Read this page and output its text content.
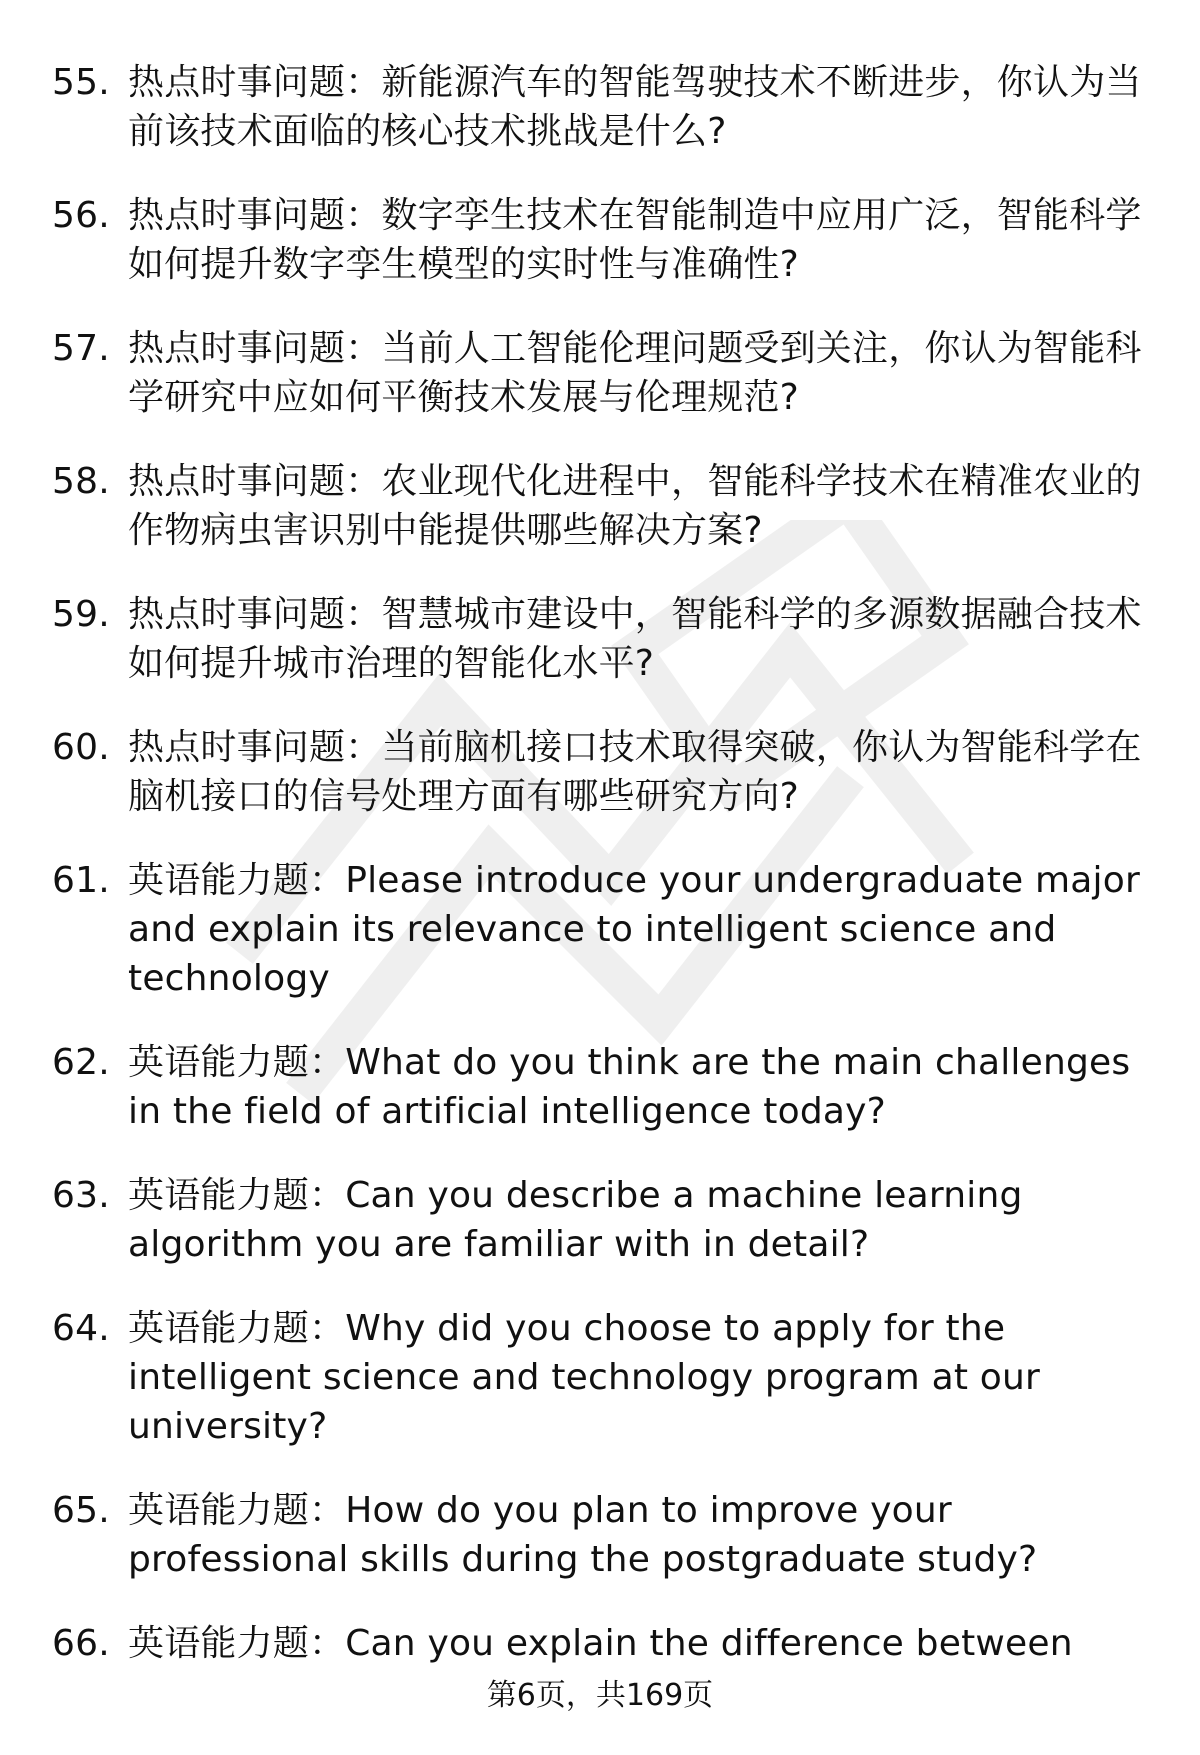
55. 热点时事问题：新能源汽车的智能驾驶技术不断进步，你认为当前该技术面临的核心技术挑战是什么?
56. 热点时事问题：数字孪生技术在智能制造中应用广泛，智能科学如何提升数字孪生模型的实时性与准确性?
57. 热点时事问题：当前人工智能伦理问题受到关注，你认为智能科学研究中应如何平衡技术发展与伦理规范?
58. 热点时事问题：农业现代化进程中，智能科学技术在精准农业的作物病虫害识别中能提供哪些解决方案?
59. 热点时事问题：智慧城市建设中，智能科学的多源数据融合技术如何提升城市治理的智能化水平?
60. 热点时事问题：当前脑机接口技术取得突破，你认为智能科学在脑机接口的信号处理方面有哪些研究方向?
61. 英语能力题：Please introduce your undergraduate major and explain its relevance to intelligent science and technology
62. 英语能力题：What do you think are the main challenges in the field of artificial intelligence today?
63. 英语能力题：Can you describe a machine learning algorithm you are familiar with in detail?
64. 英语能力题：Why did you choose to apply for the intelligent science and technology program at our university?
65. 英语能力题：How do you plan to improve your professional skills during the postgraduate study?
66. 英语能力题：Can you explain the difference between
第6页，共169页
